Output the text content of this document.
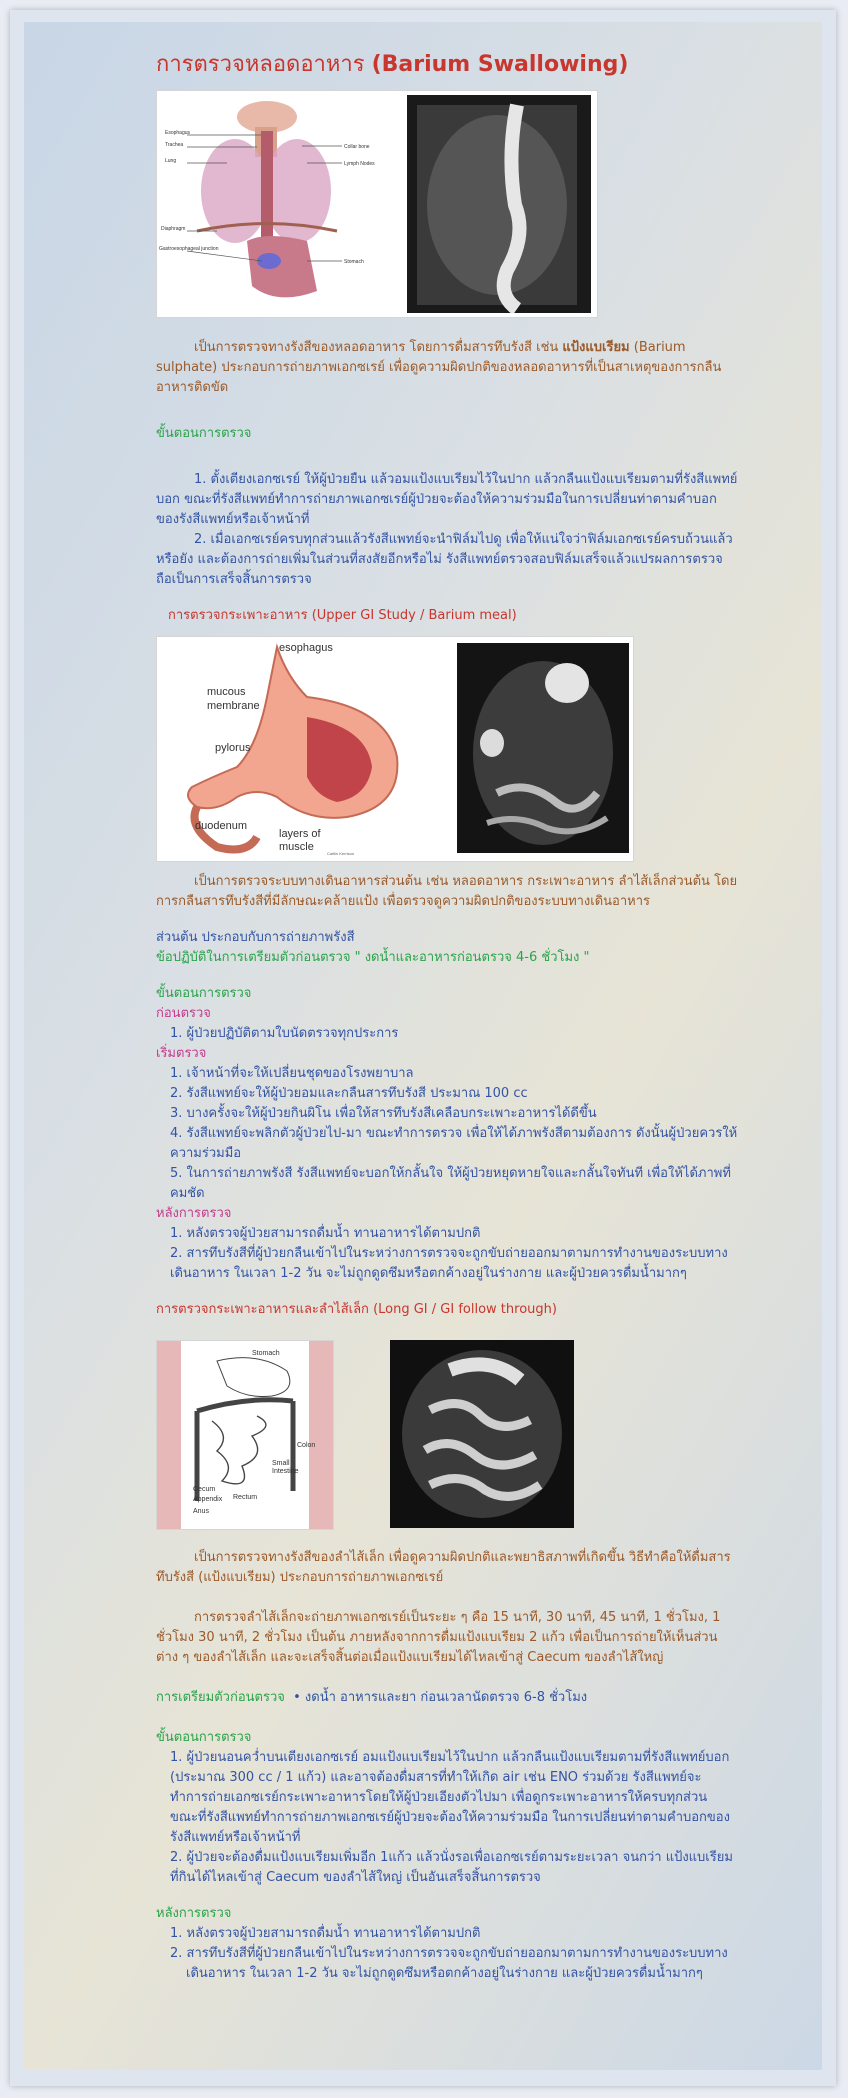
การตรวจหลอดอาหาร (Barium Swallowing)
Esophagus
Trachea
Lung
Diaphragm
Gastroesophageal junction
Collar bone
Lymph Nodes
Stomach

เป็นการตรวจทางรังสีของหลอดอาหาร โดยการดื่มสารทึบรังสี เช่น แป้งแบเรียม (Barium sulphate) ประกอบการถ่ายภาพเอกซเรย์ เพื่อดูความผิดปกติของหลอดอาหารที่เป็นสาเหตุของการกลืนอาหารติดขัด

ขั้นตอนการตรวจ

1. ตั้งเตียงเอกซเรย์ ให้ผู้ป่วยยืน แล้วอมแป้งแบเรียมไว้ในปาก แล้วกลืนแป้งแบเรียมตามที่รังสีแพทย์บอก ขณะที่รังสีแพทย์ทำการถ่ายภาพเอกซเรย์ผู้ป่วยจะต้องให้ความร่วมมือในการเปลี่ยนท่าตามคำบอกของรังสีแพทย์หรือเจ้าหน้าที่

2. เมื่อเอกซเรย์ครบทุกส่วนแล้วรังสีแพทย์จะนำฟิล์มไปดู เพื่อให้แน่ใจว่าฟิล์มเอกซเรย์ครบถ้วนแล้วหรือยัง และต้องการถ่ายเพิ่มในส่วนที่สงสัยอีกหรือไม่ รังสีแพทย์ตรวจสอบฟิล์มเสร็จแล้วแปรผลการตรวจ ถือเป็นการเสร็จสิ้นการตรวจ

การตรวจกระเพาะอาหาร (Upper GI Study / Barium meal)

esophagus
mucous
membrane
pylorus
duodenum
layers of
muscle
Caitlin Kerrison

เป็นการตรวจระบบทางเดินอาหารส่วนต้น เช่น หลอดอาหาร กระเพาะอาหาร ลำไส้เล็กส่วนต้น โดยการกลืนสารทึบรังสีที่มีลักษณะคล้ายแป้ง เพื่อตรวจดูความผิดปกติของระบบทางเดินอาหาร

ส่วนต้น ประกอบกับการถ่ายภาพรังสี

ข้อปฏิบัติในการเตรียมตัวก่อนตรวจ " งดน้ำและอาหารก่อนตรวจ 4-6 ชั่วโมง "

ขั้นตอนการตรวจ

ก่อนตรวจ

1. ผู้ป่วยปฏิบัติตามใบนัดตรวจทุกประการ

เริ่มตรวจ

1. เจ้าหน้าที่จะให้เปลี่ยนชุดของโรงพยาบาล

2. รังสีแพทย์จะให้ผู้ป่วยอมและกลืนสารทึบรังสี ประมาณ 100 cc

3. บางครั้งจะให้ผู้ป่วยกินผิโน เพื่อให้สารทึบรังสีเคลือบกระเพาะอาหารได้ดีขึ้น

4. รังสีแพทย์จะพลิกตัวผู้ป่วยไป-มา ขณะทำการตรวจ เพื่อให้ได้ภาพรังสีตามต้องการ ดังนั้นผู้ป่วยควรให้ความร่วมมือ

5. ในการถ่ายภาพรังสี รังสีแพทย์จะบอกให้กลั้นใจ ให้ผู้ป่วยหยุดหายใจและกลั้นใจทันที เพื่อให้ได้ภาพที่คมชัด

หลังการตรวจ

1. หลังตรวจผู้ป่วยสามารถดื่มน้ำ ทานอาหารได้ตามปกติ

2. สารทึบรังสีที่ผู้ป่วยกลืนเข้าไปในระหว่างการตรวจจะถูกขับถ่ายออกมาตามการทำงานของระบบทางเดินอาหาร ในเวลา 1-2 วัน จะไม่ถูกดูดซึมหรือตกค้างอยู่ในร่างกาย และผู้ป่วยควรดื่มน้ำมากๆ

การตรวจกระเพาะอาหารและลำไส้เล็ก (Long GI / GI follow through)

Stomach
Colon
Small
Intestine
Cecum
Appendix Rectum
Anus

เป็นการตรวจทางรังสีของลำไส้เล็ก เพื่อดูความผิดปกติและพยาธิสภาพที่เกิดขึ้น วิธีทำคือให้ดื่มสารทึบรังสี (แป้งแบเรียม) ประกอบการถ่ายภาพเอกซเรย์

การตรวจลำไส้เล็กจะถ่ายภาพเอกซเรย์เป็นระยะ ๆ คือ 15 นาที, 30 นาที, 45 นาที, 1 ชั่วโมง, 1 ชั่วโมง 30 นาที, 2 ชั่วโมง เป็นต้น ภายหลังจากการดื่มแป้งแบเรียม 2 แก้ว เพื่อเป็นการถ่ายให้เห็นส่วนต่าง ๆ ของลำไส้เล็ก และจะเสร็จสิ้นต่อเมื่อแป้งแบเรียมได้ไหลเข้าสู่ Caecum ของลำไส้ใหญ่

การเตรียมตัวก่อนตรวจ • งดน้ำ อาหารและยา ก่อนเวลานัดตรวจ 6-8 ชั่วโมง

ขั้นตอนการตรวจ

1. ผู้ป่วยนอนคว่ำบนเตียงเอกซเรย์ อมแป้งแบเรียมไว้ในปาก แล้วกลืนแป้งแบเรียมตามที่รังสีแพทย์บอก (ประมาณ 300 cc / 1 แก้ว) และอาจต้องดื่มสารที่ทำให้เกิด air เช่น ENO ร่วมด้วย รังสีแพทย์จะทำการถ่ายเอกซเรย์กระเพาะอาหารโดยให้ผู้ป่วยเอียงตัวไปมา เพื่อดูกระเพาะอาหารให้ครบทุกส่วน ขณะที่รังสีแพทย์ทำการถ่ายภาพเอกซเรย์ผู้ป่วยจะต้องให้ความร่วมมือ ในการเปลี่ยนท่าตามคำบอกของรังสีแพทย์หรือเจ้าหน้าที่

2. ผู้ป่วยจะต้องดื่มแป้งแบเรียมเพิ่มอีก 1แก้ว แล้วนั่งรอเพื่อเอกซเรย์ตามระยะเวลา จนกว่า แป้งแบเรียมที่กินได้ไหลเข้าสู่ Caecum ของลำไส้ใหญ่ เป็นอันเสร็จสิ้นการตรวจ

หลังการตรวจ

1. หลังตรวจผู้ป่วยสามารถดื่มน้ำ ทานอาหารได้ตามปกติ

2. สารทึบรังสีที่ผู้ป่วยกลืนเข้าไปในระหว่างการตรวจจะถูกขับถ่ายออกมาตามการทำงานของระบบทางเดินอาหาร ในเวลา 1-2 วัน จะไม่ถูกดูดซึมหรือตกค้างอยู่ในร่างกาย และผู้ป่วยควรดื่มน้ำมากๆ
